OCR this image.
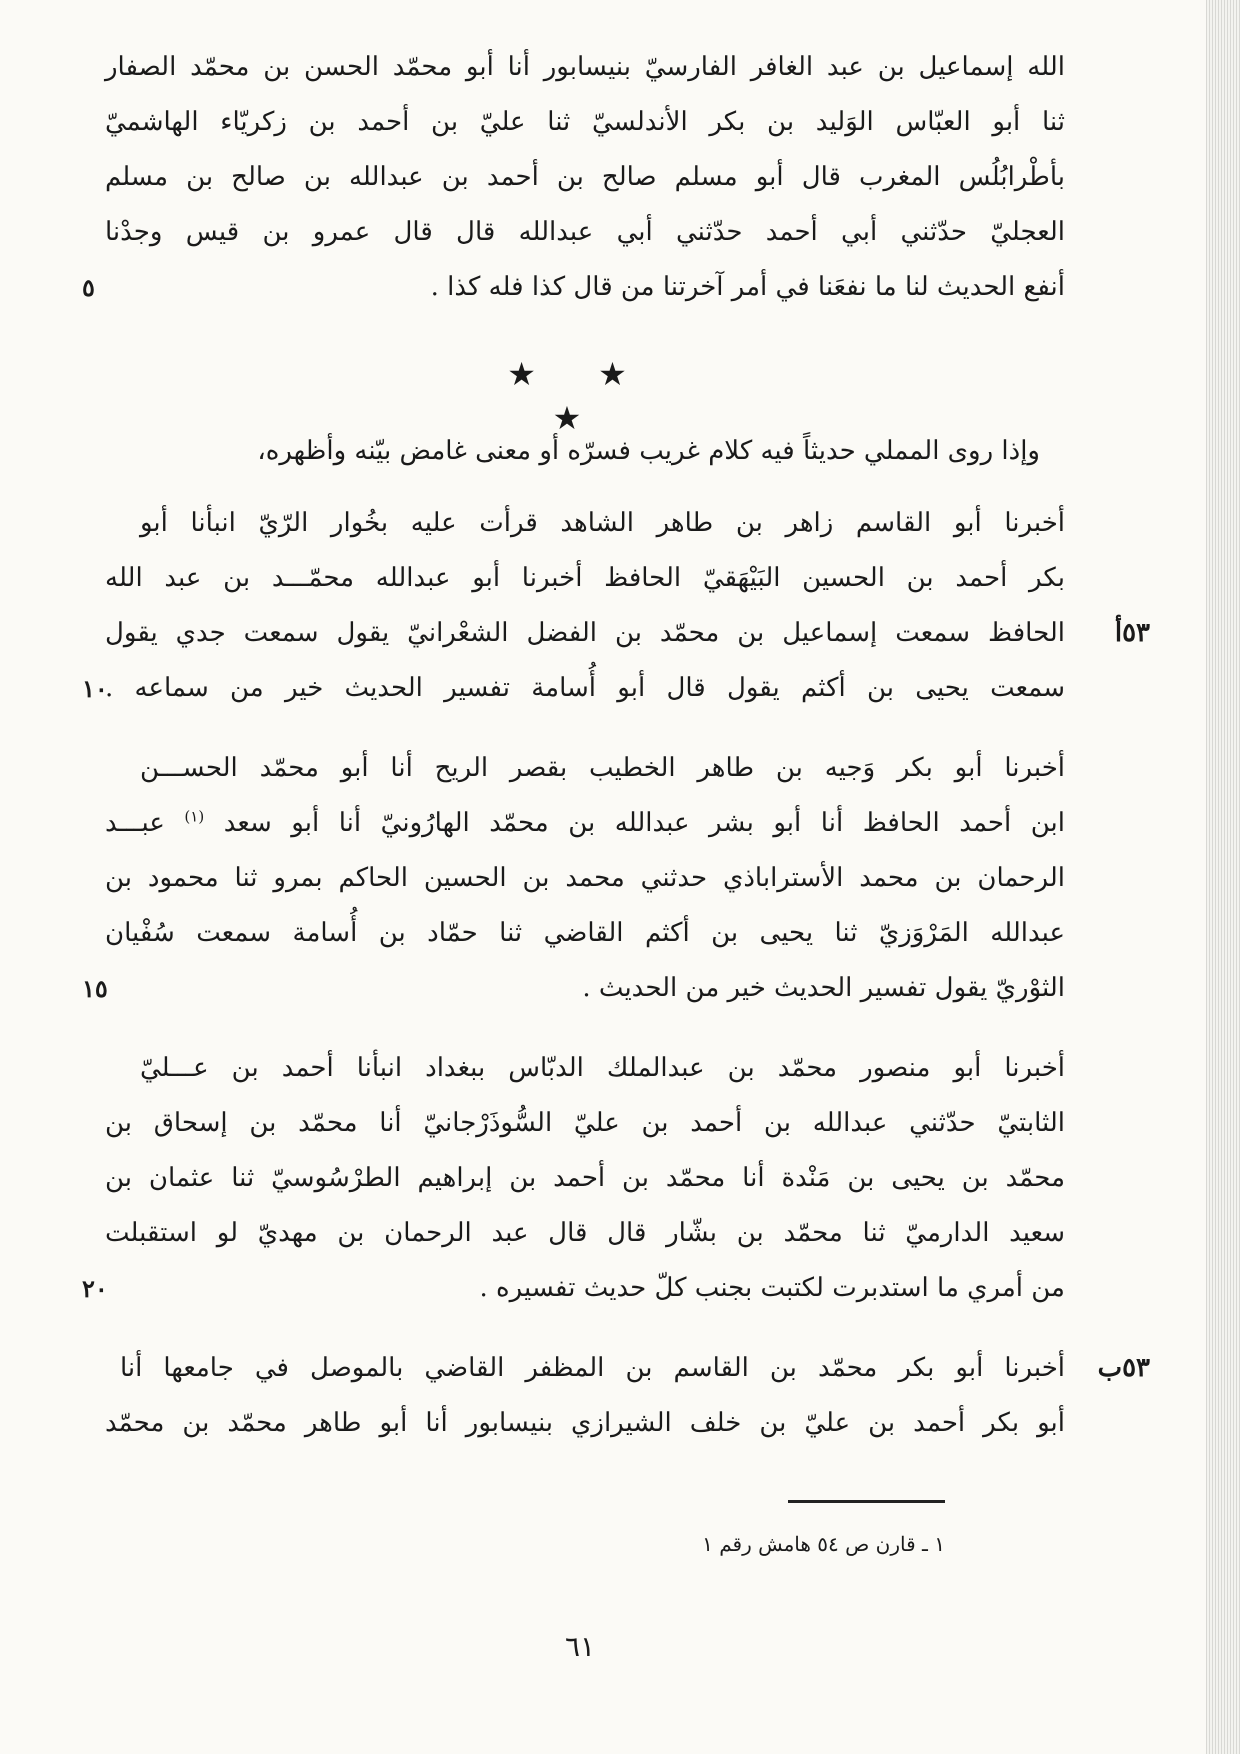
الله إسماعيل بن عبد الغافر الفارسيّ بنيسابور أنا أبو محمّد الحسن بن محمّد الصفار
ثنا أبو العبّاس الوَليد بن بكر الأندلسيّ ثنا عليّ بن أحمد بن زكريّاء الهاشميّ
بأطْرابُلُس المغرب قال أبو مسلم صالح بن أحمد بن عبدالله بن صالح بن مسلم
العجليّ حدّثني أبي أحمد حدّثني أبي عبدالله قال قال عمرو بن قيس وجدْنا
أنفع الحديث لنا ما نفعَنا في أمر آخرتنا من قال كذا فله كذا .
٥
★ ★ ★
وإذا روى المملي حديثاً فيه كلام غريب فسرّه أو معنى غامض بيّنه وأظهره،
أخبرنا أبو القاسم زاهر بن طاهر الشاهد قرأت عليه بخُوار الرّيّ انبأنا أبو
بكر أحمد بن الحسين البَيْهَقيّ الحافظ أخبرنا أبو عبدالله محمّـــد بن عبد الله
الحافظ سمعت إسماعيل بن محمّد بن الفضل الشعْرانيّ يقول سمعت جدي يقول	٥٣أ
سمعت يحيى بن أكثم يقول قال أبو أُسامة تفسير الحديث خير من سماعه .
١٠
أخبرنا أبو بكر وَجيه بن طاهر الخطيب بقصر الريح أنا أبو محمّد الحســـن
ابن أحمد الحافظ أنا أبو بشر عبدالله بن محمّد الهارُونيّ أنا أبو سعد $^{(١)}$ عبـــد
الرحمان بن محمد الأستراباذي حدثني محمد بن الحسين الحاكم بمرو ثنا محمود بن
عبدالله المَرْوَزيّ ثنا يحيى بن أكثم القاضي ثنا حمّاد بن أُسامة سمعت سُفْيان
الثوْريّ يقول تفسير الحديث خير من الحديث .
١٥
أخبرنا أبو منصور محمّد بن عبدالملك الدبّاس ببغداد انبأنا أحمد بن عـــليّ
الثابتيّ حدّثني عبدالله بن أحمد بن عليّ السُّوذَرْجانيّ أنا محمّد بن إسحاق بن
محمّد بن يحيى بن مَنْدة أنا محمّد بن أحمد بن إبراهيم الطرْسُوسيّ ثنا عثمان بن
سعيد الدارميّ ثنا محمّد بن بشّار قال قال عبد الرحمان بن مهديّ لو استقبلت
من أمري ما استدبرت لكتبت بجنب كلّ حديث تفسيره .
٢٠
أخبرنا أبو بكر محمّد بن القاسم بن المظفر القاضي بالموصل في جامعها أنا	٥٣ب
أبو بكر أحمد بن عليّ بن خلف الشيرازي بنيسابور أنا أبو طاهر محمّد بن محمّد
١ ـ قارن ص ٥٤ هامش رقم ١
٦١
